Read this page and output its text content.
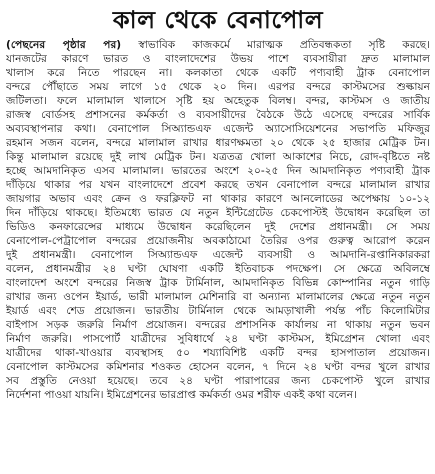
কাল থেকে বেনাপোল
(পেছনের পৃষ্ঠার পর) স্বাভাবিক কাজকর্মে মারাত্মক প্রতিবন্ধকতা সৃষ্টি করছে।
যানজটের কারণে ভারত ও বাংলাদেশের উভয় পাশে ব্যবসায়ীরা দ্রুত মালামাল
খালাস করে নিতে পারছেন না। কলকাতা থেকে একটি পণ্যবাহী ট্রাক বেনাপোল
বন্দরে পৌঁছাতে সময় লাগে ১৫ থেকে ২০ দিন। এরপর বন্দরে কাস্টমসের শুল্কায়ন
জটিলতা। ফলে মালামাল খালাসে সৃষ্টি হয় অহেতুক বিলম্ব। বন্দর, কাস্টমস ও জাতীয়
রাজস্ব বোর্ডসহ প্রশাসনের কর্মকর্তা ও ব্যবসায়ীদের বৈঠকে উঠে এসেছে বন্দরের সার্বিক
অব্যবস্থাপনার কথা। বেনাপোল সিঅ্যান্ডএফ এজেন্ট অ্যাসোসিয়েশনের সভাপতি মফিজুর
রহমান সজন বলেন, বন্দরে মালামাল রাখার ধারণক্ষমতা ২০ থেকে ২৫ হাজার মেট্রিক টন।
কিন্তু মালামাল রয়েছে দুই লাখ মেট্রিক টন। যত্রতত্র খোলা আকাশের নিচে, রোদ-বৃষ্টিতে নষ্ট
হচ্ছে আমদানিকৃত এসব মালামাল। ভারতের অংশে ২০-২৫ দিন আমদানিকৃত পণ্যবাহী ট্রাক
দাঁড়িয়ে থাকার পর যখন বাংলাদেশে প্রবেশ করছে তখন বেনাপোল বন্দরে মালামাল রাখার
জায়গার অভাব এবং ক্রেন ও ফরক্লিফট না থাকার কারণে আনলোডের অপেক্ষায় ১০-১২
দিন দাঁড়িয়ে থাকছে। ইতিমধ্যে ভারত যে নতুন ইন্টিগ্রেটেড চেকপোস্টই উদ্বোধন করেছিল তা
ভিডিও কনফারেন্সের মাধ্যমে উদ্বোধন করেছিলেন দুই দেশের প্রধানমন্ত্রী। সে সময়
বেনাপোল-পেট্রাপোল বন্দরের প্রয়োজনীয় অবকাঠামো তৈরির ওপর গুরুত্ব আরোপ করেন
দুই প্রধানমন্ত্রী। বেনাপোল সিঅ্যান্ডএফ এজেন্ট ব্যবসায়ী ও আমদানি-রপ্তানিকারকরা
বলেন, প্রধানমন্ত্রীর ২৪ ঘণ্টা ঘোষণা একটি ইতিবাচক পদক্ষেপ। সে ক্ষেত্রে অবিলম্বে
বাংলাদেশ অংশে বন্দরের নিজস্ব ট্রাক টার্মিনাল, আমদানিকৃত বিভিন্ন কোম্পানির নতুন গাড়ি
রাখার জন্য ওপেন ইয়ার্ড, ভারী মালামাল মেশিনারি বা অন্যান্য মালামালের ক্ষেত্রে নতুন নতুন
ইয়ার্ড এবং শেড প্রয়োজন। ভারতীয় টার্মিনাল থেকে আমড়াখালী পর্যন্ত পাঁচ কিলোমিটার
বাইপাস সড়ক জরুরি নির্মাণ প্রয়োজন। বন্দরের প্রশাসনিক কার্যালয় না থাকায় নতুন ভবন
নির্মাণ জরুরি। পাসপোর্ট যাত্রীদের সুবিধার্থে ২৪ ঘণ্টা কাস্টমস, ইমিগ্রেশন খোলা এবং
যাত্রীদের থাকা-খাওয়ার ব্যবস্থাসহ ৫০ শয্যাবিশিষ্ট একটি বন্দর হাসপাতাল প্রয়োজন।
বেনাপোল কাস্টমসের কমিশনার শওকত হোসেন বলেন, ৭ দিনে ২৪ ঘণ্টা বন্দর খুলে রাখার
সব প্রস্তুতি নেওয়া হয়েছে। তবে ২৪ ঘণ্টা পারাপারের জন্য চেকপোস্ট খুলে রাখার
নির্দেশনা পাওয়া যায়নি। ইমিগ্রেশনের ভারপ্রাপ্ত কর্মকর্তা ওমর শরীফ একই কথা বলেন।
